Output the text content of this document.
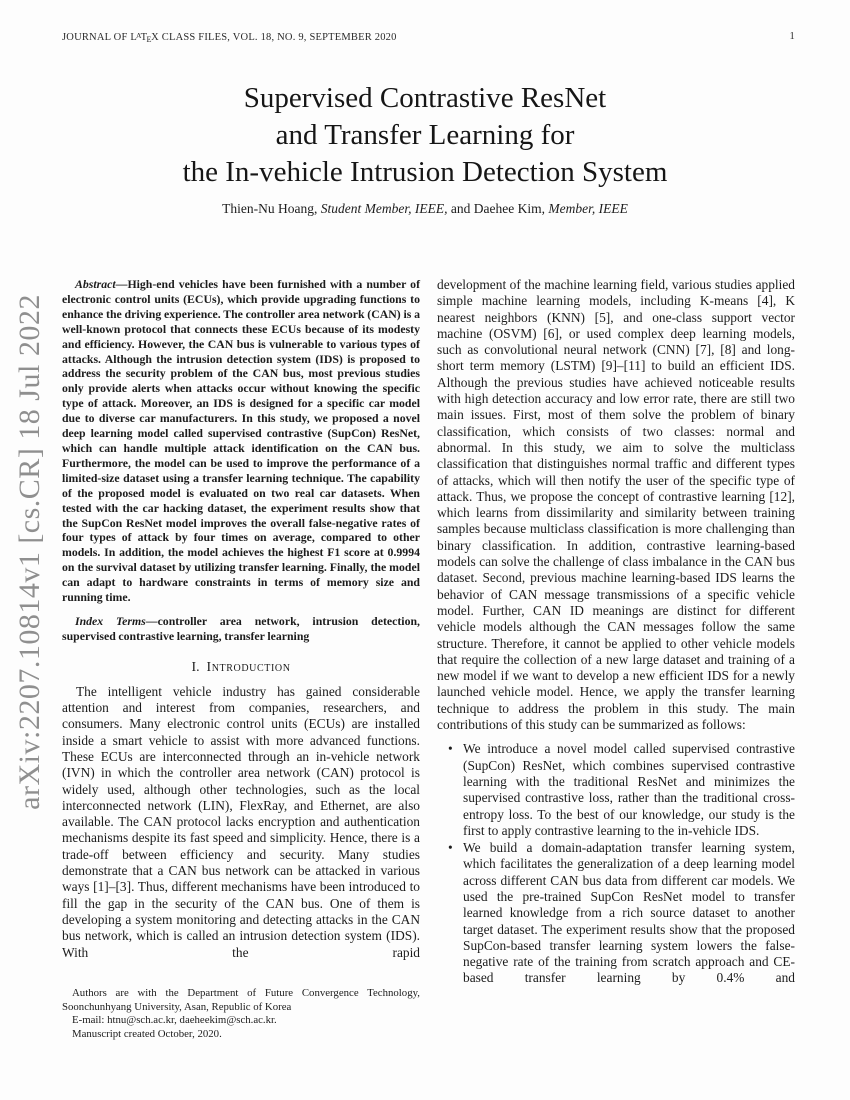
JOURNAL OF $L^ATEX$ CLASS FILES, VOL. 18, NO. 9, SEPTEMBER 2020	1
arXiv:2207.10814v1 [cs.CR] 18 Jul 2022
Supervised Contrastive ResNet
and Transfer Learning for
the In-vehicle Intrusion Detection System
Thien-Nu Hoang, Student Member, IEEE, and Daehee Kim, Member, IEEE

Abstract—High-end vehicles have been furnished with a number of electronic control units (ECUs), which provide upgrading functions to enhance the driving experience. The controller area network (CAN) is a well-known protocol that connects these ECUs because of its modesty and efficiency. However, the CAN bus is vulnerable to various types of attacks. Although the intrusion detection system (IDS) is proposed to address the security problem of the CAN bus, most previous studies only provide alerts when attacks occur without knowing the specific type of attack. Moreover, an IDS is designed for a specific car model due to diverse car manufacturers. In this study, we proposed a novel deep learning model called supervised contrastive (SupCon) ResNet, which can handle multiple attack identification on the CAN bus. Furthermore, the model can be used to improve the performance of a limited-size dataset using a transfer learning technique. The capability of the proposed model is evaluated on two real car datasets. When tested with the car hacking dataset, the experiment results show that the SupCon ResNet model improves the overall false-negative rates of four types of attack by four times on average, compared to other models. In addition, the model achieves the highest F1 score at 0.9994 on the survival dataset by utilizing transfer learning. Finally, the model can adapt to hardware constraints in terms of memory size and running time.

Index Terms—controller area network, intrusion detection, supervised contrastive learning, transfer learning

I. Introduction

The intelligent vehicle industry has gained considerable attention and interest from companies, researchers, and consumers. Many electronic control units (ECUs) are installed inside a smart vehicle to assist with more advanced functions. These ECUs are interconnected through an in-vehicle network (IVN) in which the controller area network (CAN) protocol is widely used, although other technologies, such as the local interconnected network (LIN), FlexRay, and Ethernet, are also available. The CAN protocol lacks encryption and authentication mechanisms despite its fast speed and simplicity. Hence, there is a trade-off between efficiency and security. Many studies demonstrate that a CAN bus network can be attacked in various ways [1]–[3]. Thus, different mechanisms have been introduced to fill the gap in the security of the CAN bus. One of them is developing a system monitoring and detecting attacks in the CAN bus network, which is called an intrusion detection system (IDS). With the rapid

Authors are with the Department of Future Convergence Technology, Soonchunhyang University, Asan, Republic of Korea

E-mail: htnu@sch.ac.kr, daeheekim@sch.ac.kr.

Manuscript created October, 2020.

development of the machine learning field, various studies applied simple machine learning models, including K-means [4], K nearest neighbors (KNN) [5], and one-class support vector machine (OSVM) [6], or used complex deep learning models, such as convolutional neural network (CNN) [7], [8] and long-short term memory (LSTM) [9]–[11] to build an efficient IDS. Although the previous studies have achieved noticeable results with high detection accuracy and low error rate, there are still two main issues. First, most of them solve the problem of binary classification, which consists of two classes: normal and abnormal. In this study, we aim to solve the multiclass classification that distinguishes normal traffic and different types of attacks, which will then notify the user of the specific type of attack. Thus, we propose the concept of contrastive learning [12], which learns from dissimilarity and similarity between training samples because multiclass classification is more challenging than binary classification. In addition, contrastive learning-based models can solve the challenge of class imbalance in the CAN bus dataset. Second, previous machine learning-based IDS learns the behavior of CAN message transmissions of a specific vehicle model. Further, CAN ID meanings are distinct for different vehicle models although the CAN messages follow the same structure. Therefore, it cannot be applied to other vehicle models that require the collection of a new large dataset and training of a new model if we want to develop a new efficient IDS for a newly launched vehicle model. Hence, we apply the transfer learning technique to address the problem in this study. The main contributions of this study can be summarized as follows:

• We introduce a novel model called supervised contrastive (SupCon) ResNet, which combines supervised contrastive learning with the traditional ResNet and minimizes the supervised contrastive loss, rather than the traditional cross-entropy loss. To the best of our knowledge, our study is the first to apply contrastive learning to the in-vehicle IDS.
• We build a domain-adaptation transfer learning system, which facilitates the generalization of a deep learning model across different CAN bus data from different car models. We used the pre-trained SupCon ResNet model to transfer learned knowledge from a rich source dataset to another target dataset. The experiment results show that the proposed SupCon-based transfer learning system lowers the false-negative rate of the training from scratch approach and CE-based transfer learning by 0.4% and
